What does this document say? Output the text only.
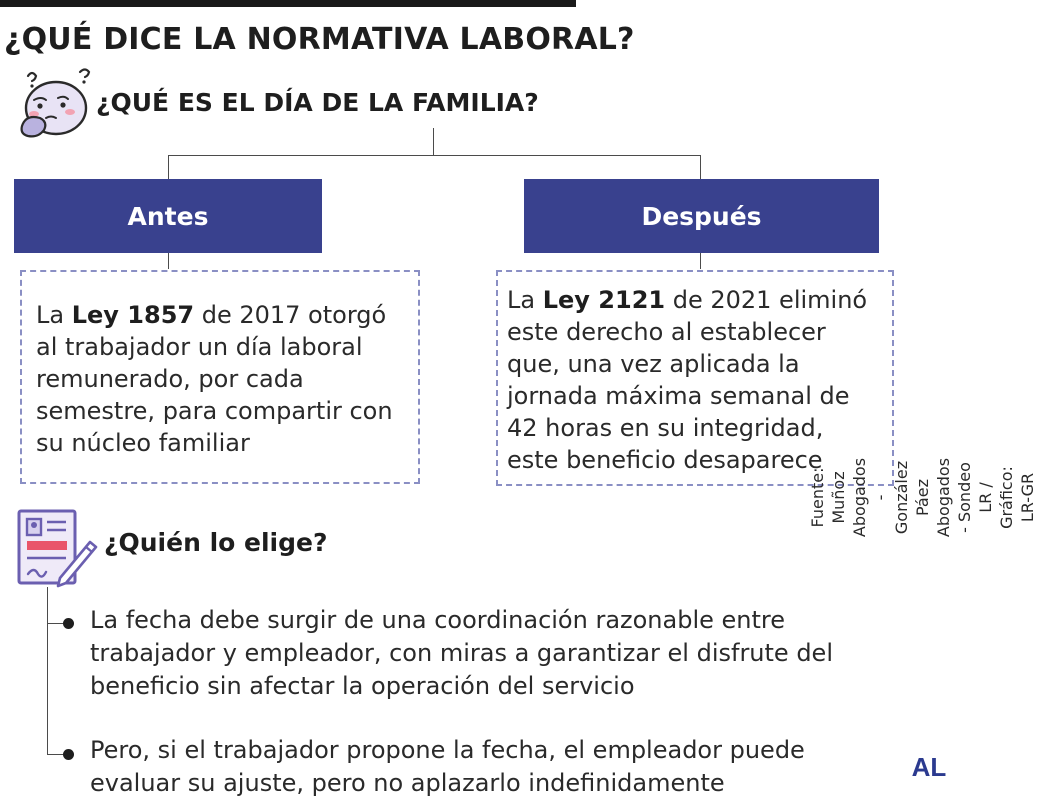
¿QUÉ DICE LA NORMATIVA LABORAL?
¿QUÉ ES EL DÍA DE LA FAMILIA?
Antes
La Ley 1857 de 2017 otorgó al trabajador un día laboral remunerado, por cada semestre, para compartir con su núcleo familiar
Después
La Ley 2121 de 2021 eliminó este derecho al establecer que, una vez aplicada la jornada máxima semanal de 42 horas en su integridad, este beneficio desaparece
¿Quién lo elige?
La fecha debe surgir de una coordinación razonable entre trabajador y empleador, con miras a garantizar el disfrute del beneficio sin afectar la operación del servicio
Pero, si el trabajador propone la fecha, el empleador puede evaluar su ajuste, pero no aplazarlo indefinidamente
Fuente: Muñoz Abogados - González Páez Abogados - Sondeo LR / Gráfico: LR-GR
AL
